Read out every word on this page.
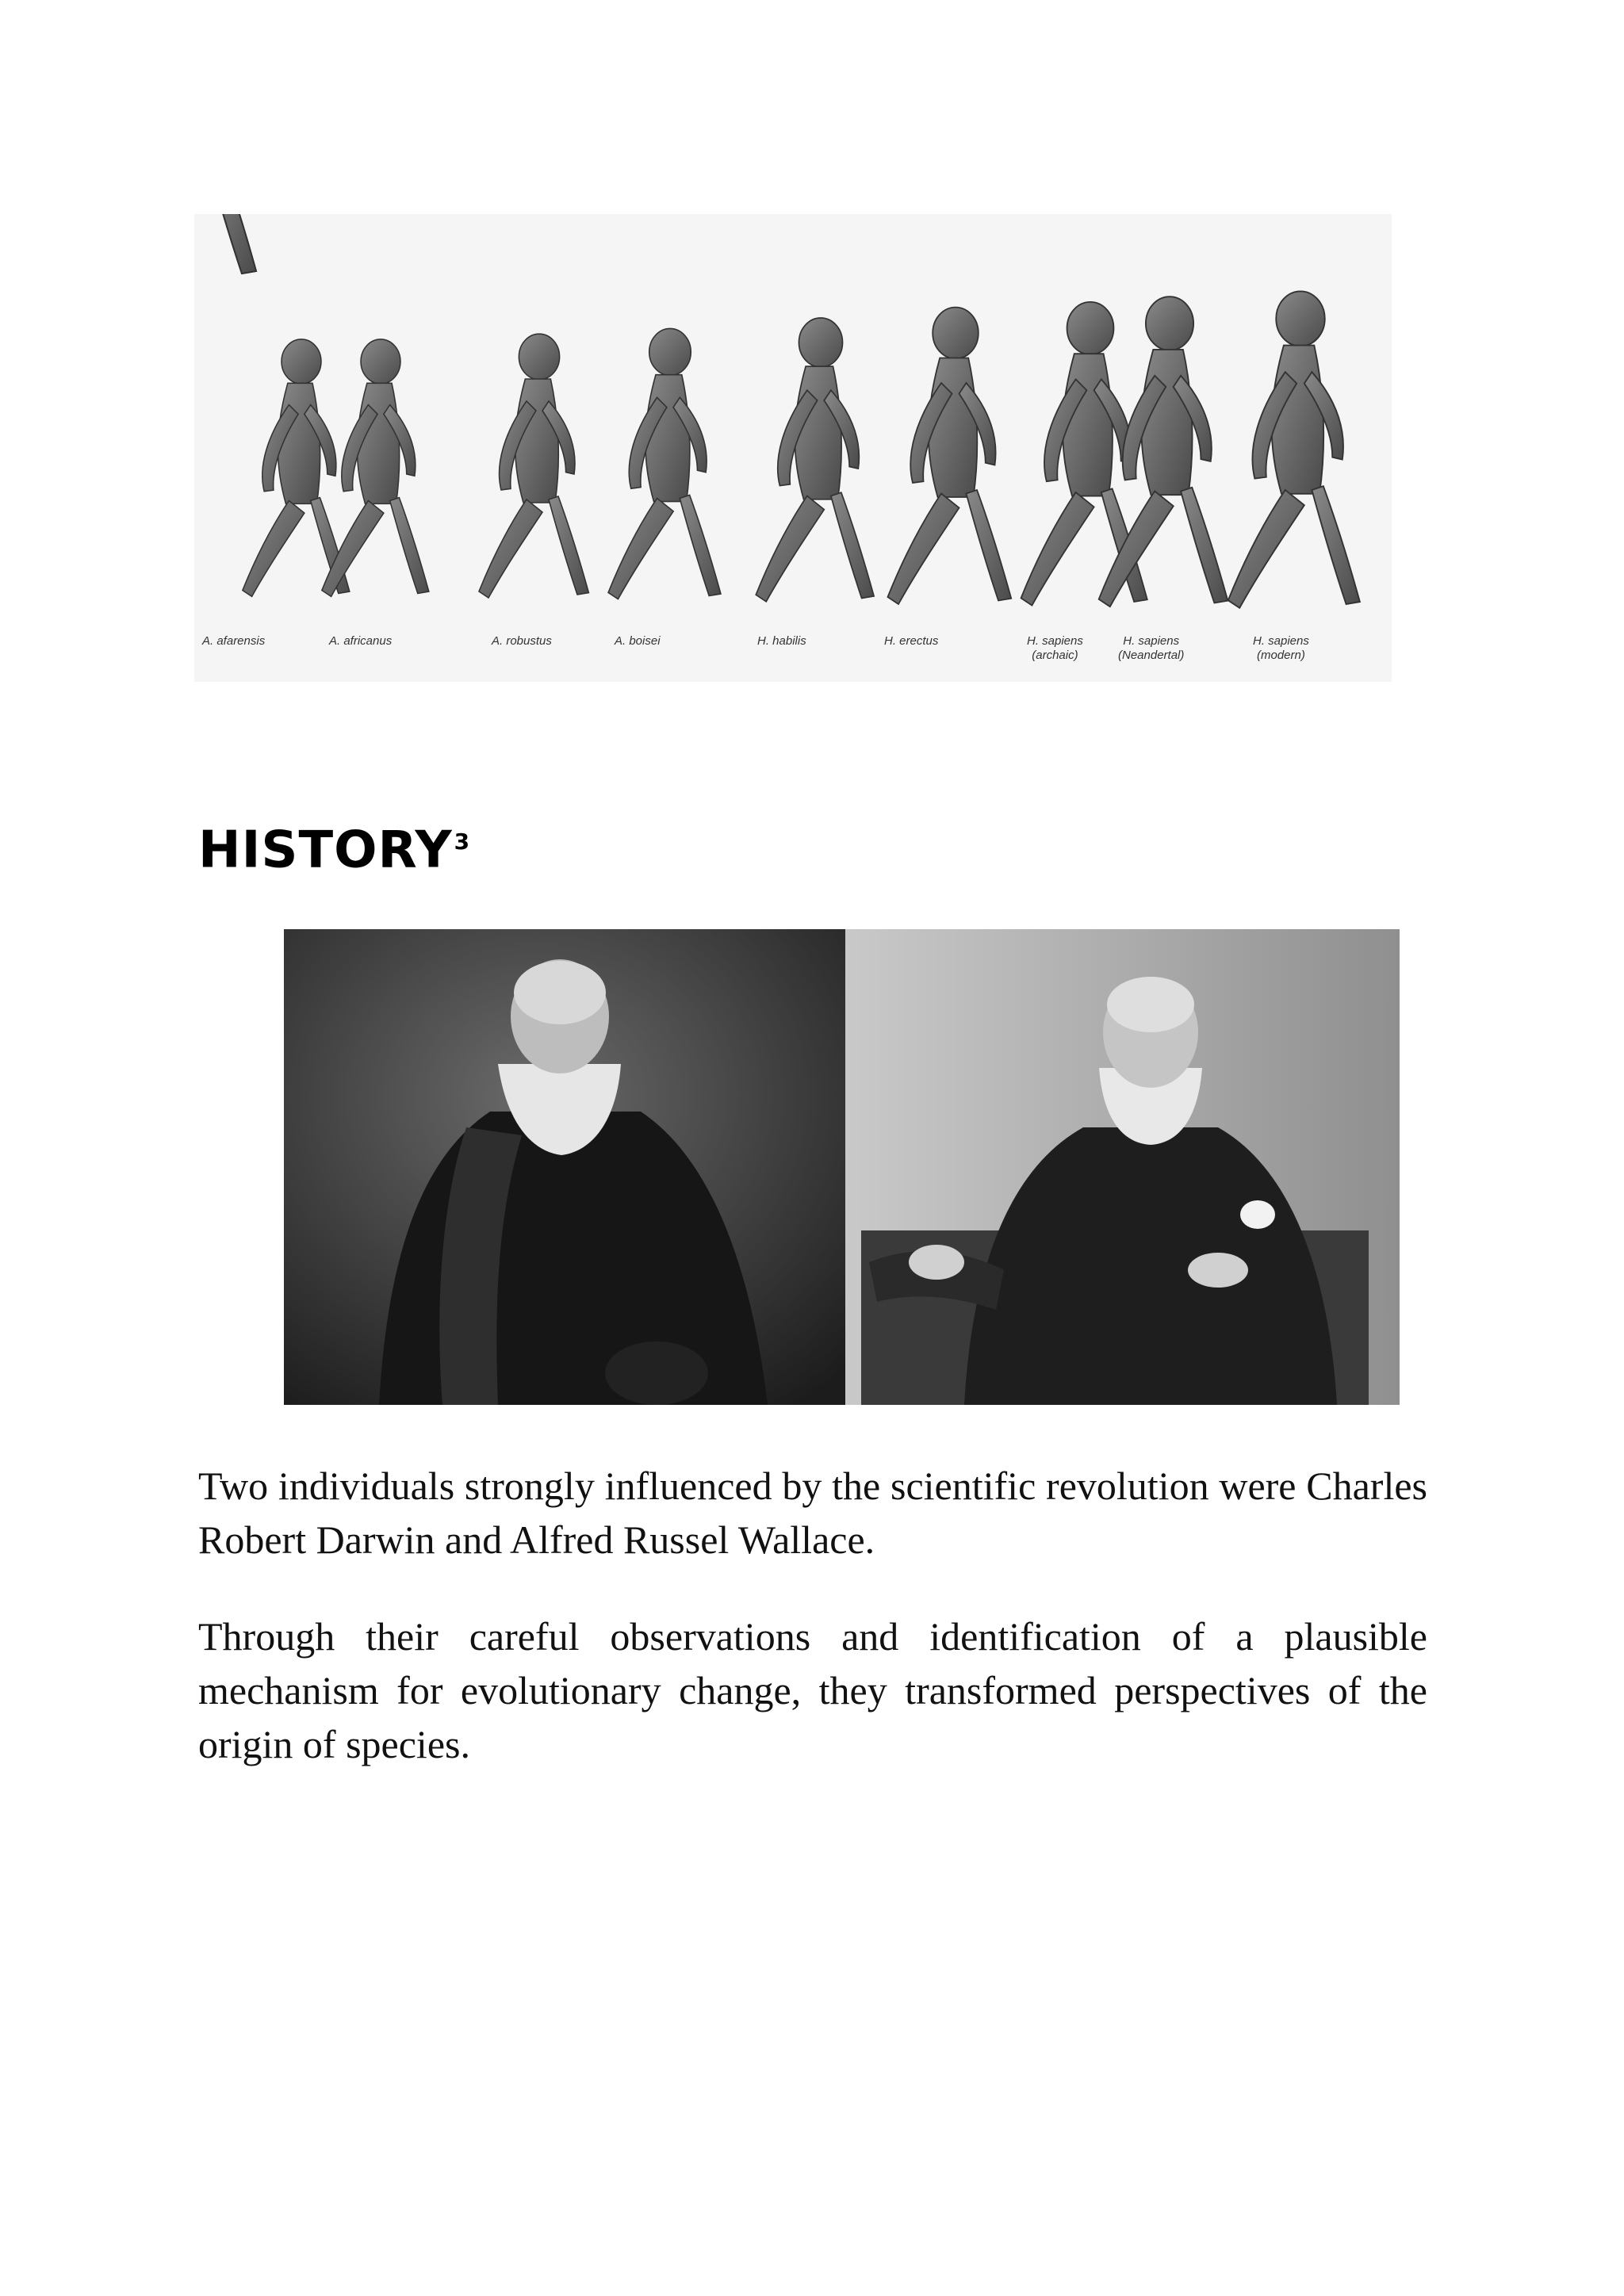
A. afarensis	A. africanus	A. robustus	A. boisei	H. habilis	H. erectus	H. sapiens
(archaic)
H. sapiens
(Neandertal)
H. sapiens
(modern)
HISTORY$^3$

Two individuals strongly influenced by the scientific revolution were Charles Robert Darwin and Alfred Russel Wallace.

Through their careful observations and identification of a plausible mechanism for evolutionary change, they transformed perspectives of the origin of species.
